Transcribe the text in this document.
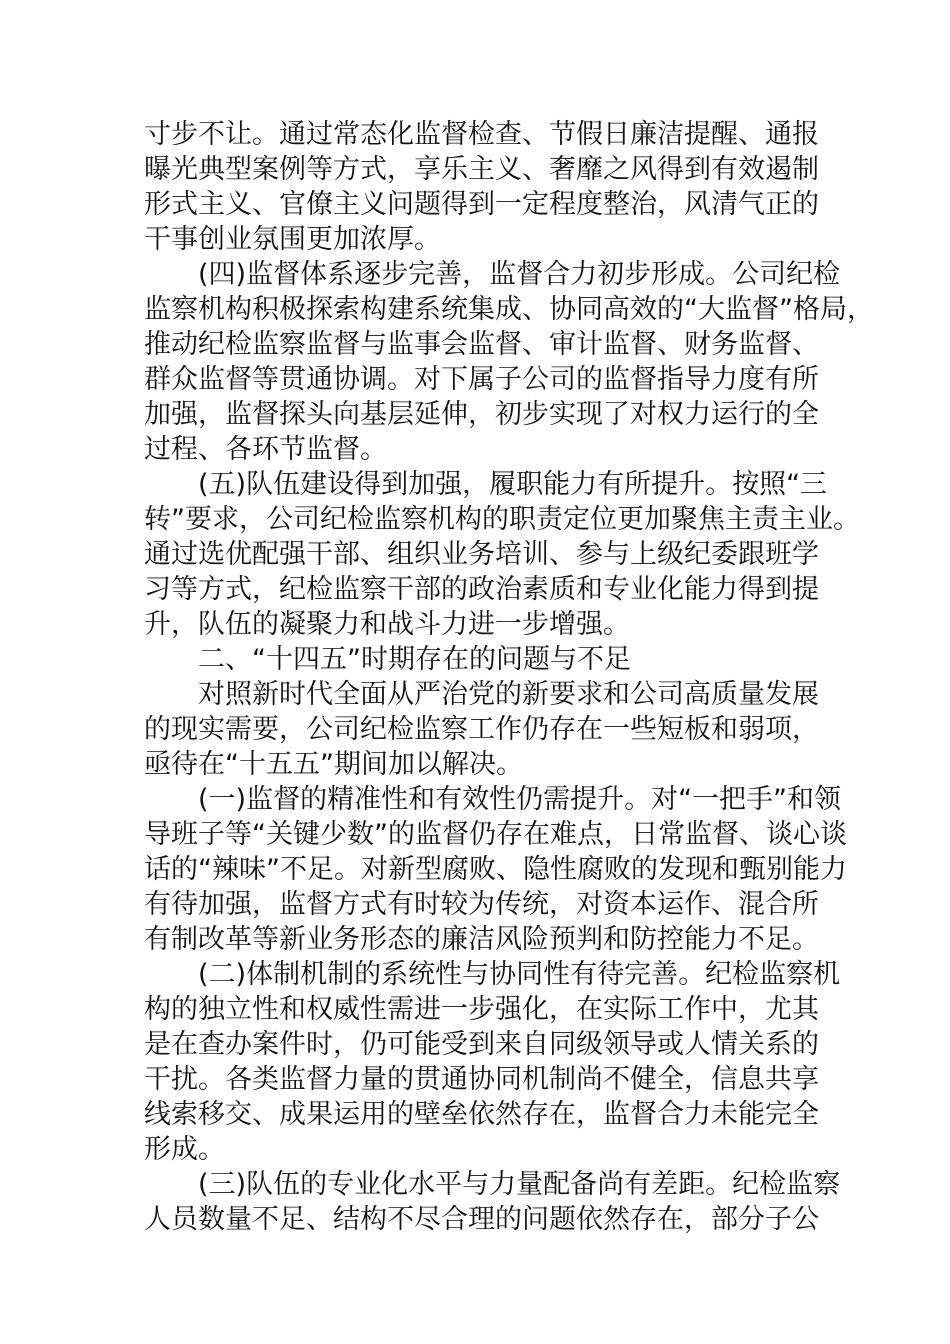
寸步不让。通过常态化监督检查、节假日廉洁提醒、通报
曝光典型案例等方式，享乐主义、奢靡之风得到有效遏制
形式主义、官僚主义问题得到一定程度整治，风清气正的
干事创业氛围更加浓厚。
(四)监督体系逐步完善，监督合力初步形成。公司纪检
监察机构积极探索构建系统集成、协同高效的“大监督”格局，
推动纪检监察监督与监事会监督、审计监督、财务监督、
群众监督等贯通协调。对下属子公司的监督指导力度有所
加强，监督探头向基层延伸，初步实现了对权力运行的全
过程、各环节监督。
(五)队伍建设得到加强，履职能力有所提升。按照“三
转”要求，公司纪检监察机构的职责定位更加聚焦主责主业。
通过选优配强干部、组织业务培训、参与上级纪委跟班学
习等方式，纪检监察干部的政治素质和专业化能力得到提
升，队伍的凝聚力和战斗力进一步增强。
二、“十四五”时期存在的问题与不足
对照新时代全面从严治党的新要求和公司高质量发展
的现实需要，公司纪检监察工作仍存在一些短板和弱项，
亟待在“十五五”期间加以解决。
(一)监督的精准性和有效性仍需提升。对“一把手”和领
导班子等“关键少数”的监督仍存在难点，日常监督、谈心谈
话的“辣味”不足。对新型腐败、隐性腐败的发现和甄别能力
有待加强，监督方式有时较为传统，对资本运作、混合所
有制改革等新业务形态的廉洁风险预判和防控能力不足。
(二)体制机制的系统性与协同性有待完善。纪检监察机
构的独立性和权威性需进一步强化，在实际工作中，尤其
是在查办案件时，仍可能受到来自同级领导或人情关系的
干扰。各类监督力量的贯通协同机制尚不健全，信息共享
线索移交、成果运用的壁垒依然存在，监督合力未能完全
形成。
(三)队伍的专业化水平与力量配备尚有差距。纪检监察
人员数量不足、结构不尽合理的问题依然存在，部分子公
